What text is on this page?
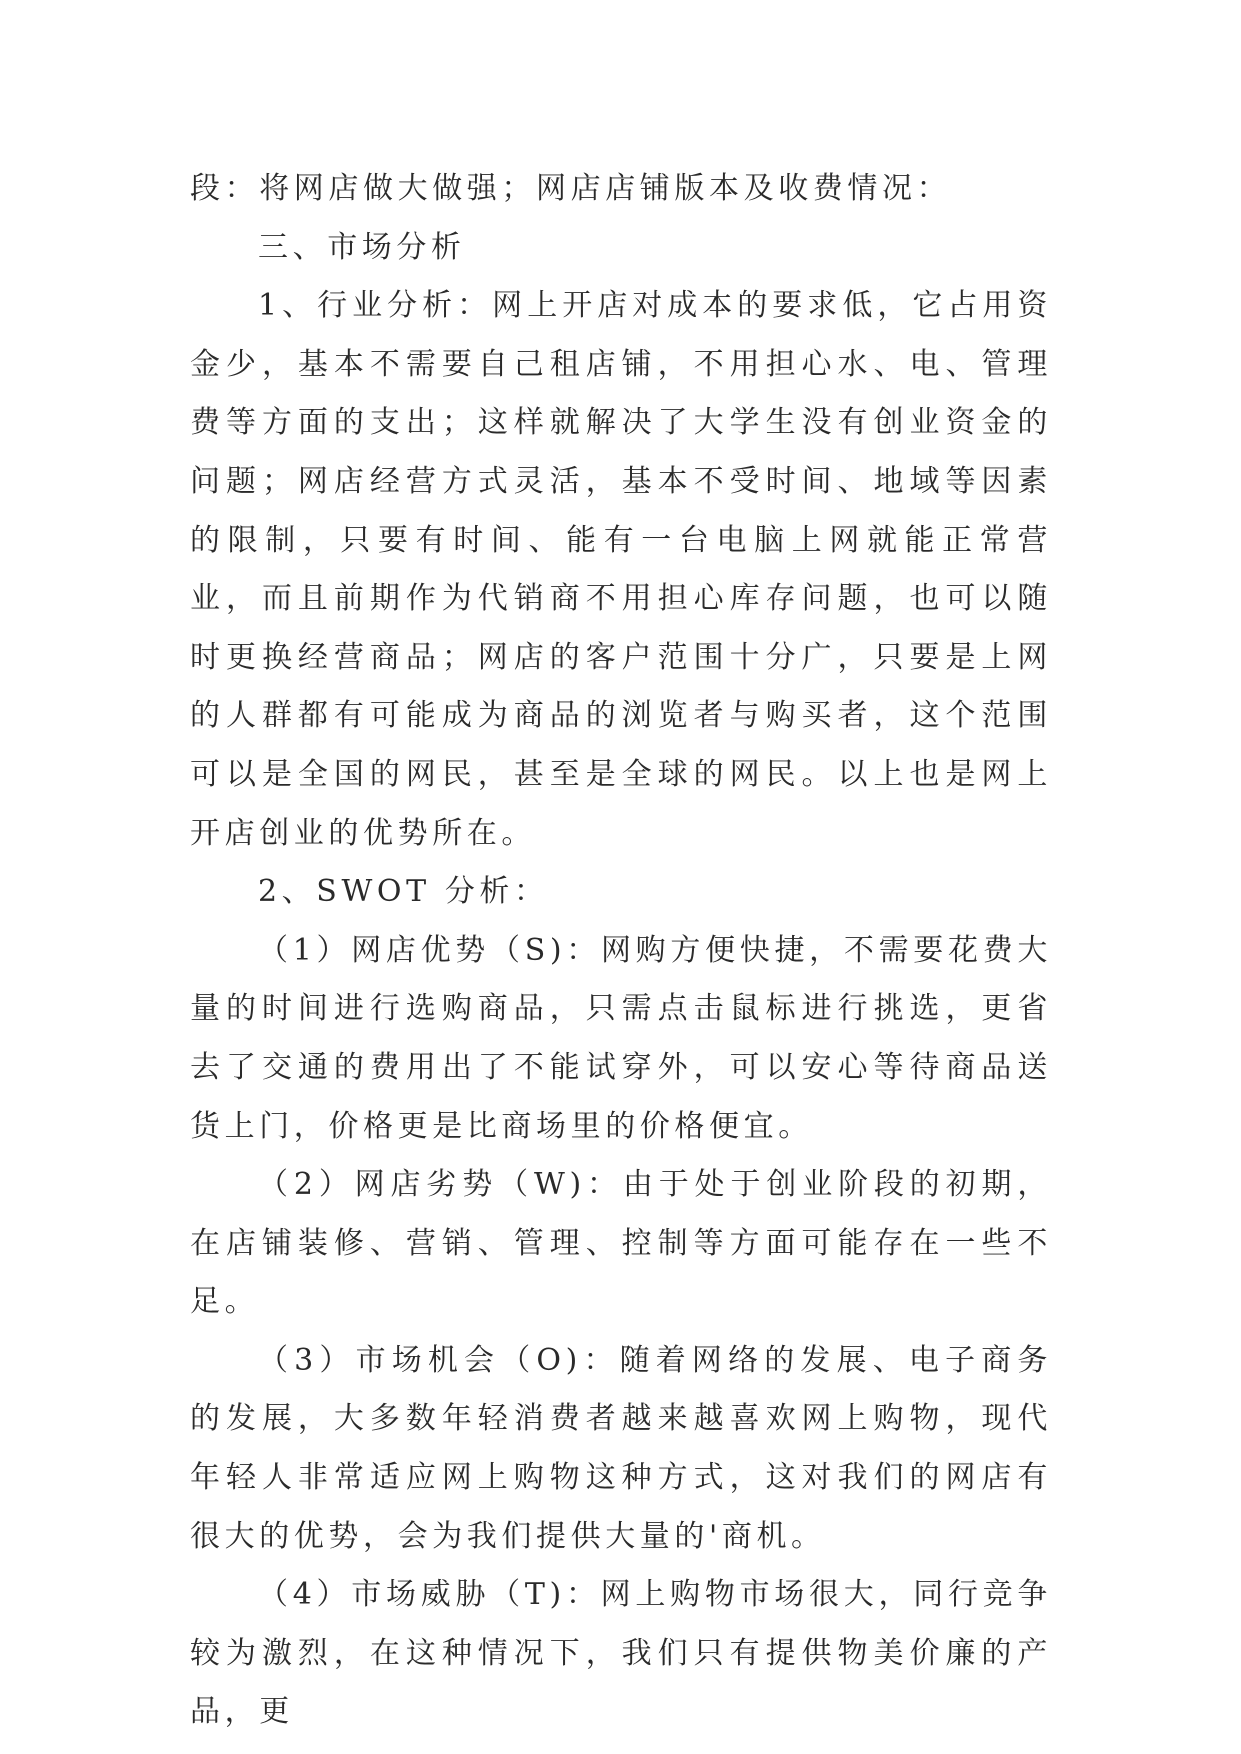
段：将网店做大做强；网店店铺版本及收费情况：

三、市场分析

1、行业分析：网上开店对成本的要求低，它占用资金少，基本不需要自己租店铺，不用担心水、电、管理费等方面的支出；这样就解决了大学生没有创业资金的问题；网店经营方式灵活，基本不受时间、地域等因素的限制，只要有时间、能有一台电脑上网就能正常营业，而且前期作为代销商不用担心库存问题，也可以随时更换经营商品；网店的客户范围十分广，只要是上网的人群都有可能成为商品的浏览者与购买者，这个范围可以是全国的网民，甚至是全球的网民。以上也是网上开店创业的优势所在。

2、SWOT 分析：

（1）网店优势（S)：网购方便快捷，不需要花费大量的时间进行选购商品，只需点击鼠标进行挑选，更省去了交通的费用出了不能试穿外，可以安心等待商品送货上门，价格更是比商场里的价格便宜。

（2）网店劣势（W)：由于处于创业阶段的初期，在店铺装修、营销、管理、控制等方面可能存在一些不足。

（3）市场机会（O)：随着网络的发展、电子商务的发展，大多数年轻消费者越来越喜欢网上购物，现代年轻人非常适应网上购物这种方式，这对我们的网店有很大的优势，会为我们提供大量的'商机。

（4）市场威胁（T)：网上购物市场很大，同行竞争较为激烈，在这种情况下，我们只有提供物美价廉的产品，更
